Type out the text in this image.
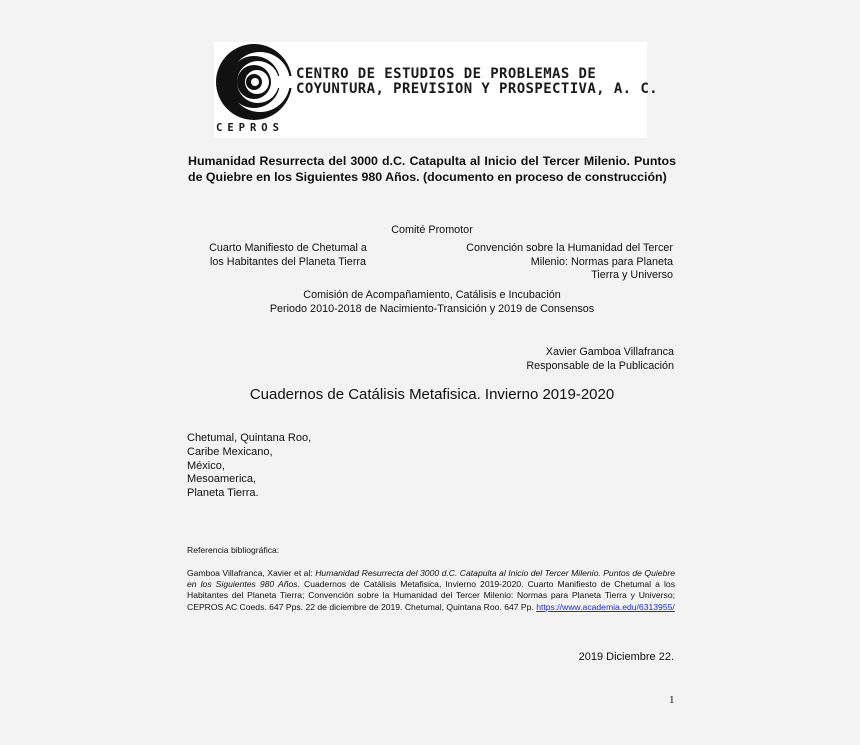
CENTRO DE ESTUDIOS DE PROBLEMAS DE
COYUNTURA, PREVISION Y PROSPECTIVA, A. C.
CEPROS
Humanidad Resurrecta del 3000 d.C. Catapulta al Inicio del Tercer Milenio. Puntos de Quiebre en los Siguientes 980 Años. (documento en proceso de construcción)
Comité Promotor
Cuarto Manifiesto de Chetumal a
los Habitantes del Planeta Tierra
Convención sobre la Humanidad del Tercer
Milenio: Normas para Planeta
Tierra y Universo
Comisión de Acompañamiento, Catálisis e Incubación
Periodo 2010-2018 de Nacimiento-Transición y 2019 de Consensos
Xavier Gamboa Villafranca
Responsable de la Publicación
Cuadernos de Catálisis Metafisica. Invierno 2019-2020
Chetumal, Quintana Roo,
Caribe Mexicano,
México,
Mesoamerica,
Planeta Tierra.
Referencia bibliográfica:
Gamboa Villafranca, Xavier et al: Humanidad Resurrecta del 3000 d.C. Catapulta al Inicio del Tercer Milenio. Puntos de Quiebre en los Siguientes 980 Años. Cuadernos de Catálisis Metafisica, Invierno 2019-2020. Cuarto Manifiesto de Chetumal a los Habitantes del Planeta Tierra; Convención sobre la Humanidad del Tercer Milenio: Normas para Planeta Tierra y Universo; CEPROS AC Coeds. 647 Pps. 22 de diciembre de 2019. Chetumal, Quintana Roo. 647 Pp. https://www.academia.edu/6313955/
2019 Diciembre 22.
1
